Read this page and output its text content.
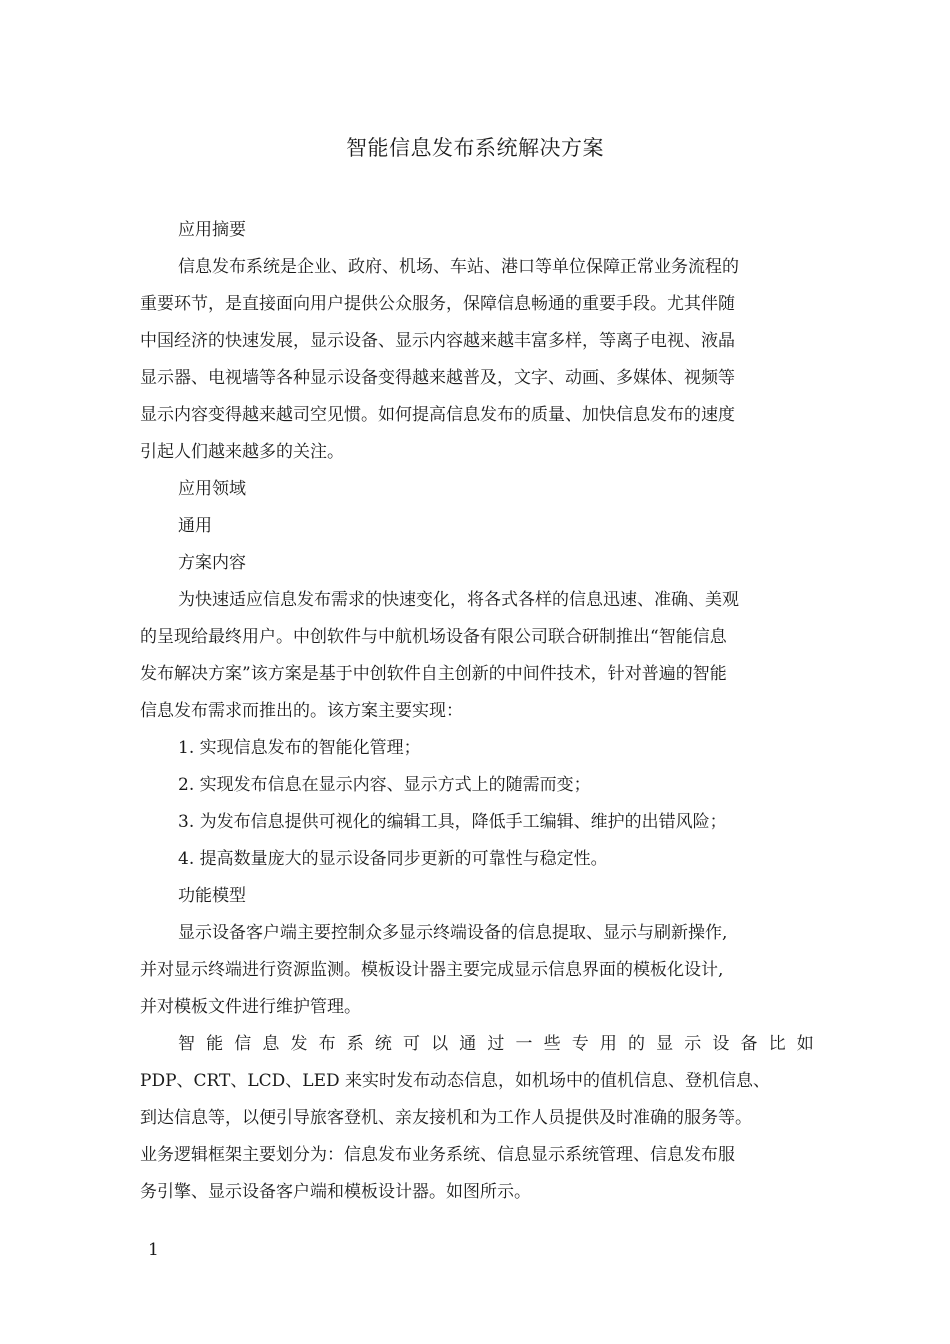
智能信息发布系统解决方案
应用摘要
信息发布系统是企业、政府、机场、车站、港口等单位保障正常业务流程的
重要环节，是直接面向用户提供公众服务，保障信息畅通的重要手段。尤其伴随
中国经济的快速发展，显示设备、显示内容越来越丰富多样，等离子电视、液晶
显示器、电视墙等各种显示设备变得越来越普及，文字、动画、多媒体、视频等
显示内容变得越来越司空见惯。如何提高信息发布的质量、加快信息发布的速度
引起人们越来越多的关注。
应用领域
通用
方案内容
为快速适应信息发布需求的快速变化，将各式各样的信息迅速、准确、美观
的呈现给最终用户。中创软件与中航机场设备有限公司联合研制推出“智能信息
发布解决方案”该方案是基于中创软件自主创新的中间件技术，针对普遍的智能
信息发布需求而推出的。该方案主要实现：
1. 实现信息发布的智能化管理；
2. 实现发布信息在显示内容、显示方式上的随需而变；
3. 为发布信息提供可视化的编辑工具，降低手工编辑、维护的出错风险；
4. 提高数量庞大的显示设备同步更新的可靠性与稳定性。
功能模型
显示设备客户端主要控制众多显示终端设备的信息提取、显示与刷新操作,
并对显示终端进行资源监测。模板设计器主要完成显示信息界面的模板化设计,
并对模板文件进行维护管理。
智 能 信 息 发 布 系 统 可 以 通 过 一 些 专 用 的 显 示 设 备 比 如
PDP、CRT、LCD、LED 来实时发布动态信息，如机场中的值机信息、登机信息、
到达信息等，以便引导旅客登机、亲友接机和为工作人员提供及时准确的服务等。
业务逻辑框架主要划分为：信息发布业务系统、信息显示系统管理、信息发布服
务引擎、显示设备客户端和模板设计器。如图所示。
1
